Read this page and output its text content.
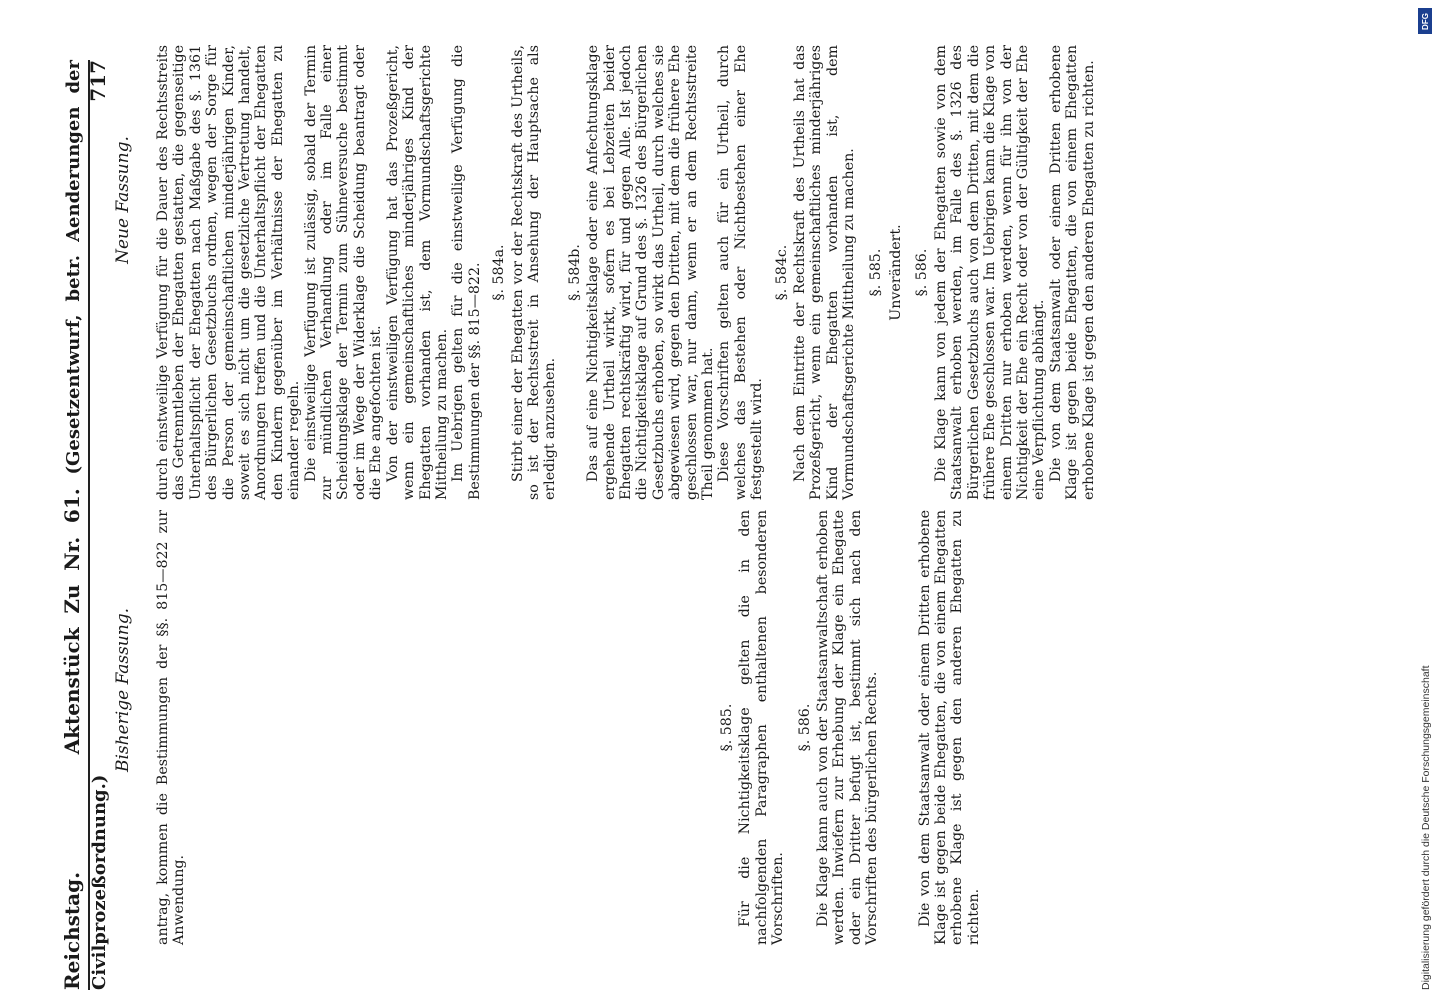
DFG
Digitalisierung gefördert durch die Deutsche Forschungsgemeinschaft
Reichstag.  Aktenstück Zu Nr. 61. (Gesetzentwurf, betr. Aenderungen der Civilprozeßordnung.)
717
Bisherige Fassung.
Neue Fassung.

antrag, kommen die Bestimmungen der §§. 815—822 zur Anwendung.

§. 585. Für die Nichtigkeitsklage gelten die in den nachfolgenden Paragraphen enthaltenen besonderen Vorschriften.

§. 586. Die Klage kann auch von der Staatsanwaltschaft erhoben werden. Inwiefern zur Erhebung der Klage ein Ehegatte oder ein Dritter befugt ist, bestimmt sich nach den Vorschriften des bürgerlichen Rechts.	Die von dem Staatsanwalt oder einem Dritten erhobene Klage ist gegen beide Ehegatten, die von einem Ehegatten erhobene Klage ist gegen den anderen Ehegatten zu richten.

durch einstweilige Verfügung für die Dauer des Rechtsstreits das Getrenntleben der Ehegatten gestatten, die gegenseitige Unterhaltspflicht der Ehegatten nach Maßgabe des §. 1361 des Bürgerlichen Gesetzbuchs ordnen, wegen der Sorge für die Person der gemeinschaftlichen minderjährigen Kinder, soweit es sich nicht um die gesetzliche Vertretung handelt, Anordnungen treffen und die Unterhaltspflicht der Ehegatten den Kindern gegenüber im Verhältnisse der Ehegatten zu einander regeln. Die einstweilige Verfügung ist zulässig, sobald der Termin zur mündlichen Verhandlung oder im Falle einer Scheidungsklage der Termin zum Sühneversuche bestimmt oder im Wege der Widerklage die Scheidung beantragt oder die Ehe angefochten ist. Von der einstweiligen Verfügung hat das Prozeßgericht, wenn ein gemeinschaftliches minderjähriges Kind der Ehegatten vorhanden ist, dem Vormundschaftsgerichte Mittheilung zu machen. Im Uebrigen gelten für die einstweilige Verfügung die Bestimmungen der §§. 815—822. §. 584a. Stirbt einer der Ehegatten vor der Rechtskraft des Urtheils, so ist der Rechtsstreit in Ansehung der Hauptsache als erledigt anzusehen.

§. 584b. Das auf eine Nichtigkeitsklage oder eine Anfechtungsklage ergehende Urtheil wirkt, sofern es bei Lebzeiten beider Ehegatten rechtskräftig wird, für und gegen Alle. Ist jedoch die Nichtigkeitsklage auf Grund des §. 1326 des Bürgerlichen Gesetzbuchs erhoben, so wirkt das Urtheil, durch welches sie abgewiesen wird, gegen den Dritten, mit dem die frühere Ehe geschlossen war, nur dann, wenn er an dem Rechtsstreite Theil genommen hat. Diese Vorschriften gelten auch für ein Urtheil, durch welches das Bestehen oder Nichtbestehen einer Ehe festgestellt wird.

§. 584c. Nach dem Eintritte der Rechtskraft des Urtheils hat das Prozeßgericht, wenn ein gemeinschaftliches minderjähriges Kind der Ehegatten vorhanden ist, dem Vormundschaftsgerichte Mittheilung zu machen. §. 585. Unverändert. §. 586. Die Klage kann von jedem der Ehegatten sowie von dem Staatsanwalt erhoben werden, im Falle des §. 1326 des Bürgerlichen Gesetzbuchs auch von dem Dritten, mit dem die frühere Ehe geschlossen war. Im Uebrigen kann die Klage von einem Dritten nur erhoben werden, wenn für ihn von der Nichtigkeit der Ehe ein Recht oder von der Gültigkeit der Ehe eine Verpflichtung abhängt. Die von dem Staatsanwalt oder einem Dritten erhobene Klage ist gegen beide Ehegatten, die von einem Ehegatten erhobene Klage ist gegen den anderen Ehegatten zu richten.
